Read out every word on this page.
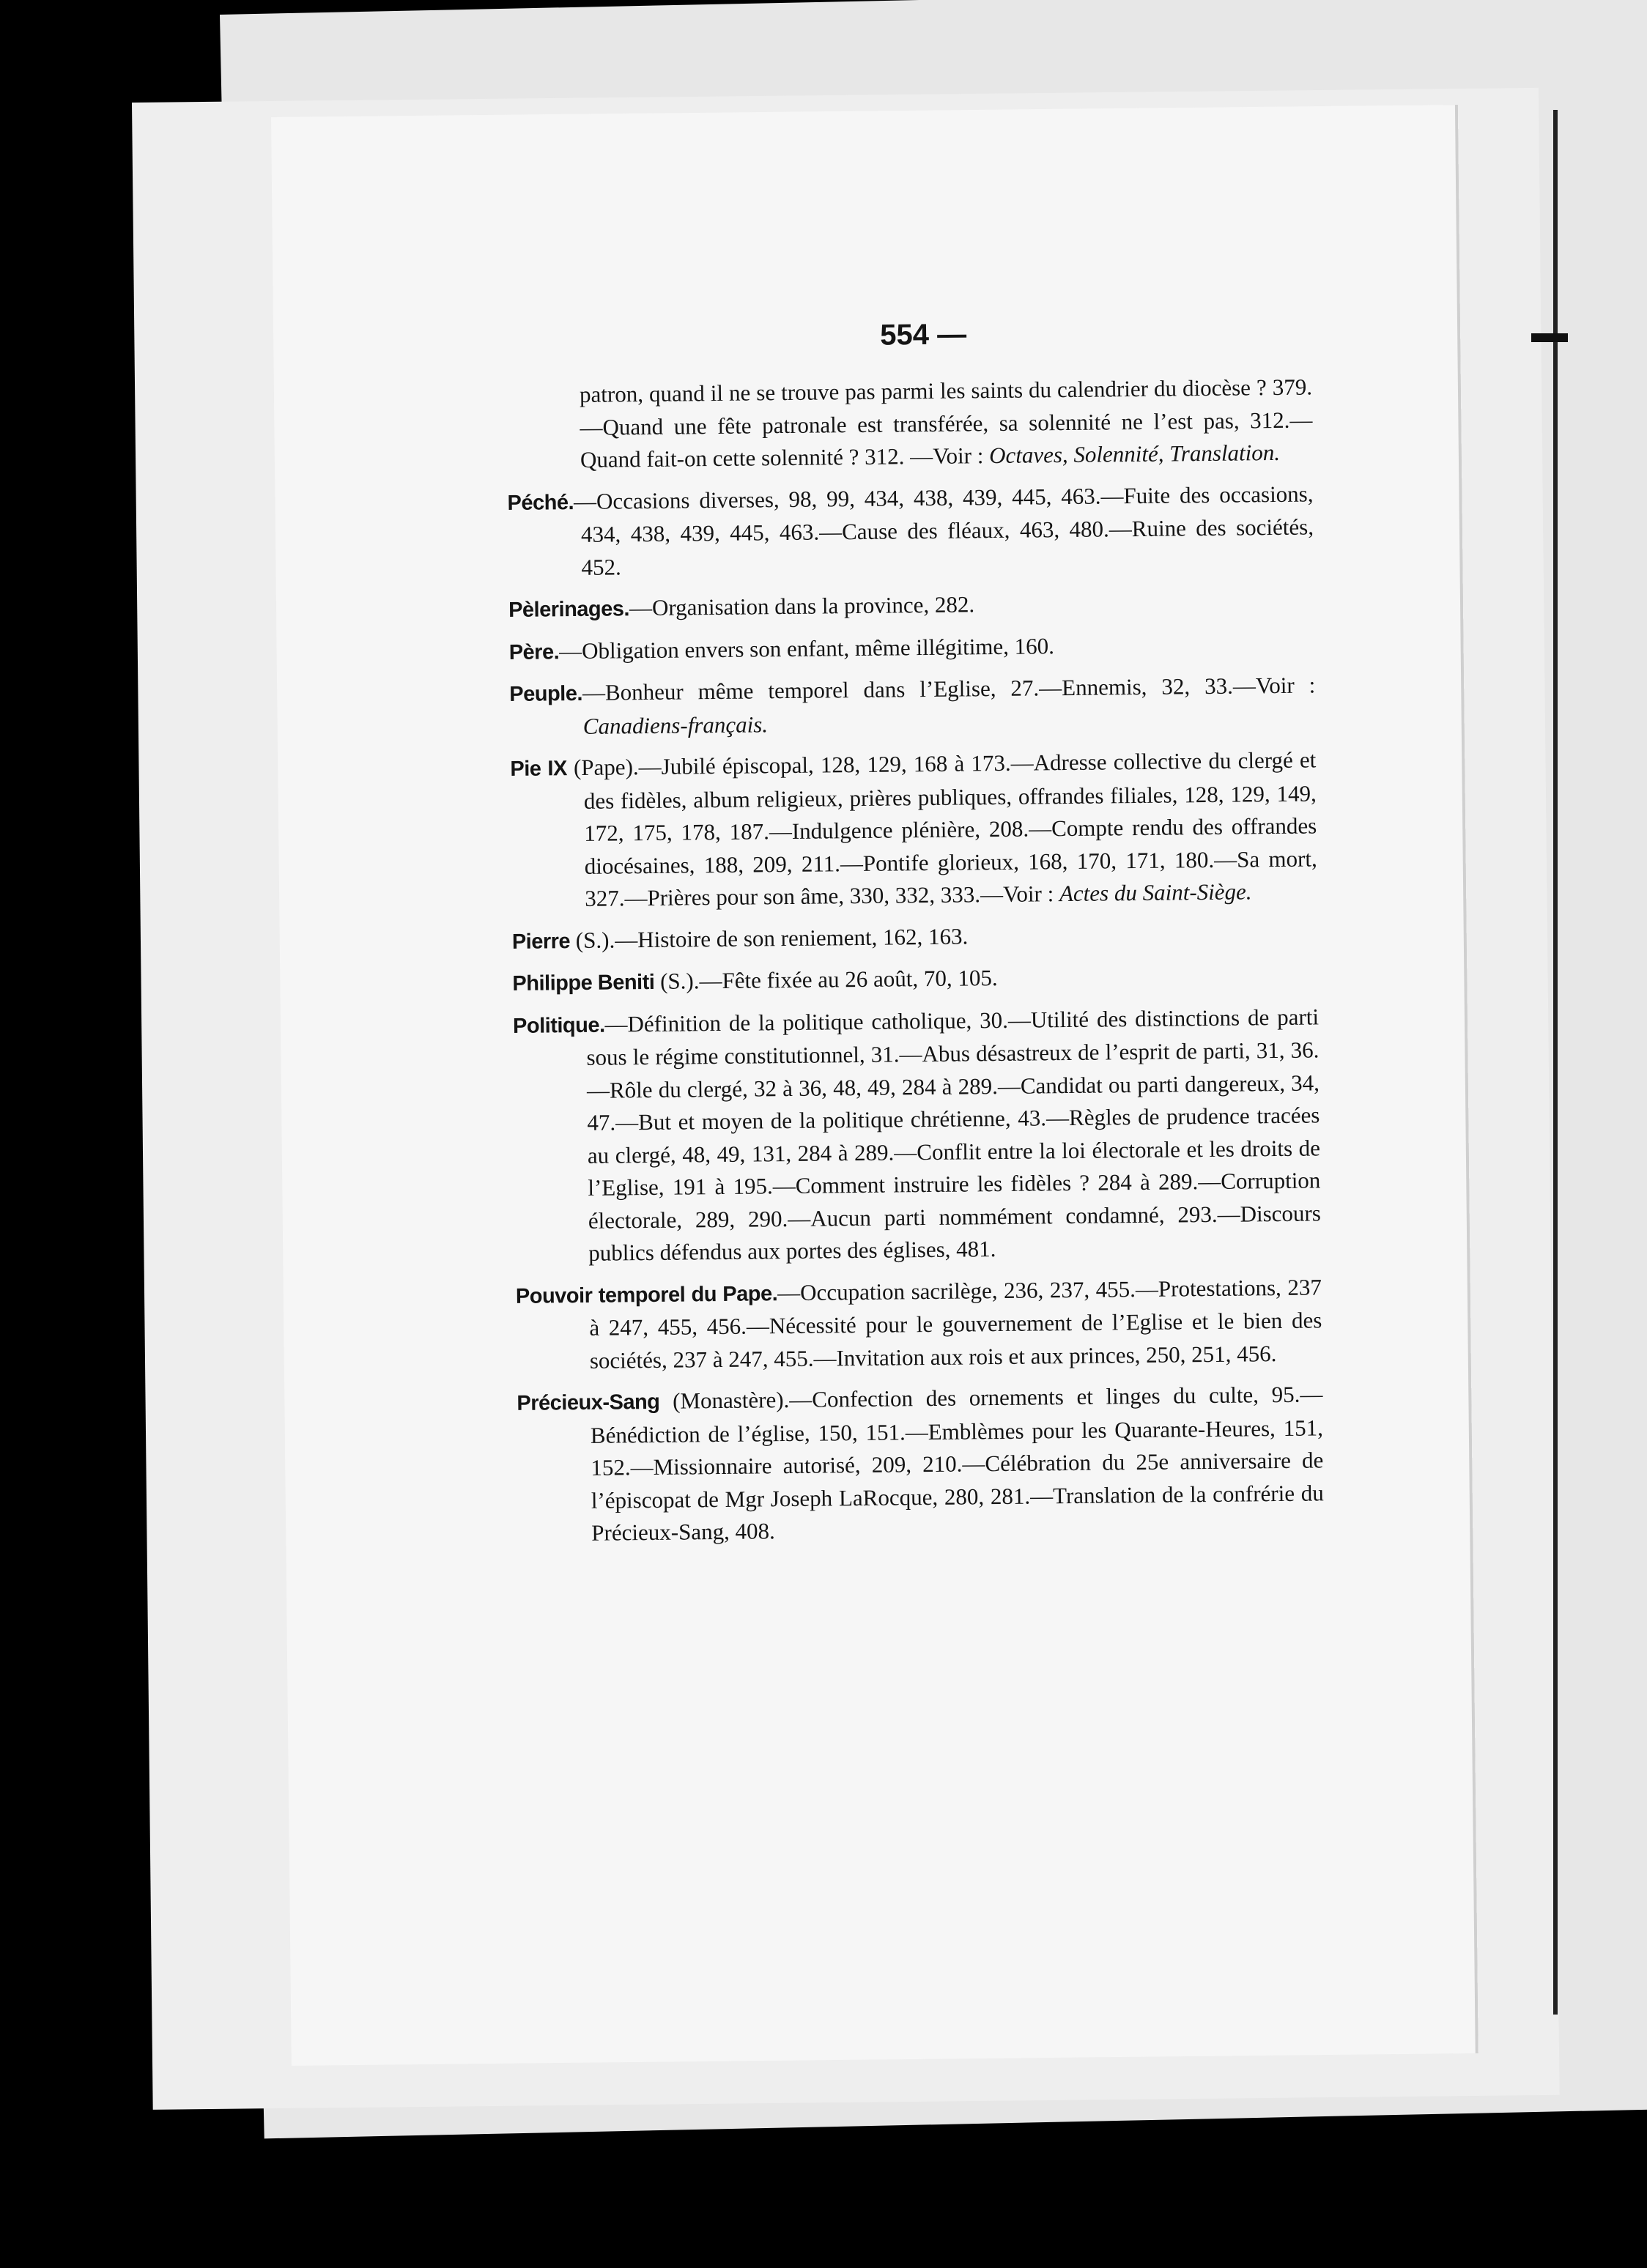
554 —

patron, quand il ne se trouve pas parmi les saints du calendrier du diocèse ? 379.—Quand une fête patronale est transférée, sa solennité ne l’est pas, 312.—Quand fait-on cette solennité ? 312. —Voir : Octaves, Solennité, Translation.

Péché.—Occasions diverses, 98, 99, 434, 438, 439, 445, 463.—Fuite des occasions, 434, 438, 439, 445, 463.—Cause des fléaux, 463, 480.—Ruine des sociétés, 452.

Pèlerinages.—Organisation dans la province, 282.

Père.—Obligation envers son enfant, même illégitime, 160.

Peuple.—Bonheur même temporel dans l’Eglise, 27.—Ennemis, 32, 33.—Voir : Canadiens-français.

Pie IX (Pape).—Jubilé épiscopal, 128, 129, 168 à 173.—Adresse collective du clergé et des fidèles, album religieux, prières publiques, offrandes filiales, 128, 129, 149, 172, 175, 178, 187.—Indulgence plénière, 208.—Compte rendu des offrandes diocésaines, 188, 209, 211.—Pontife glorieux, 168, 170, 171, 180.—Sa mort, 327.—Prières pour son âme, 330, 332, 333.—Voir : Actes du Saint-Siège.

Pierre (S.).—Histoire de son reniement, 162, 163.

Philippe Beniti (S.).—Fête fixée au 26 août, 70, 105.

Politique.—Définition de la politique catholique, 30.—Utilité des distinctions de parti sous le régime constitutionnel, 31.—Abus désastreux de l’esprit de parti, 31, 36.—Rôle du clergé, 32 à 36, 48, 49, 284 à 289.—Candidat ou parti dangereux, 34, 47.—But et moyen de la politique chrétienne, 43.—Règles de prudence tracées au clergé, 48, 49, 131, 284 à 289.—Conflit entre la loi électorale et les droits de l’Eglise, 191 à 195.—Comment instruire les fidèles ? 284 à 289.—Corruption électorale, 289, 290.—Aucun parti nommément condamné, 293.—Discours publics défendus aux portes des églises, 481.

Pouvoir temporel du Pape.—Occupation sacrilège, 236, 237, 455.—Protestations, 237 à 247, 455, 456.—Nécessité pour le gouvernement de l’Eglise et le bien des sociétés, 237 à 247, 455.—Invitation aux rois et aux princes, 250, 251, 456.

Précieux-Sang (Monastère).—Confection des ornements et linges du culte, 95.—Bénédiction de l’église, 150, 151.—Emblèmes pour les Quarante-Heures, 151, 152.—Missionnaire autorisé, 209, 210.—Célébration du 25e anniversaire de l’épiscopat de Mgr Joseph LaRocque, 280, 281.—Translation de la confrérie du Précieux-Sang, 408.
